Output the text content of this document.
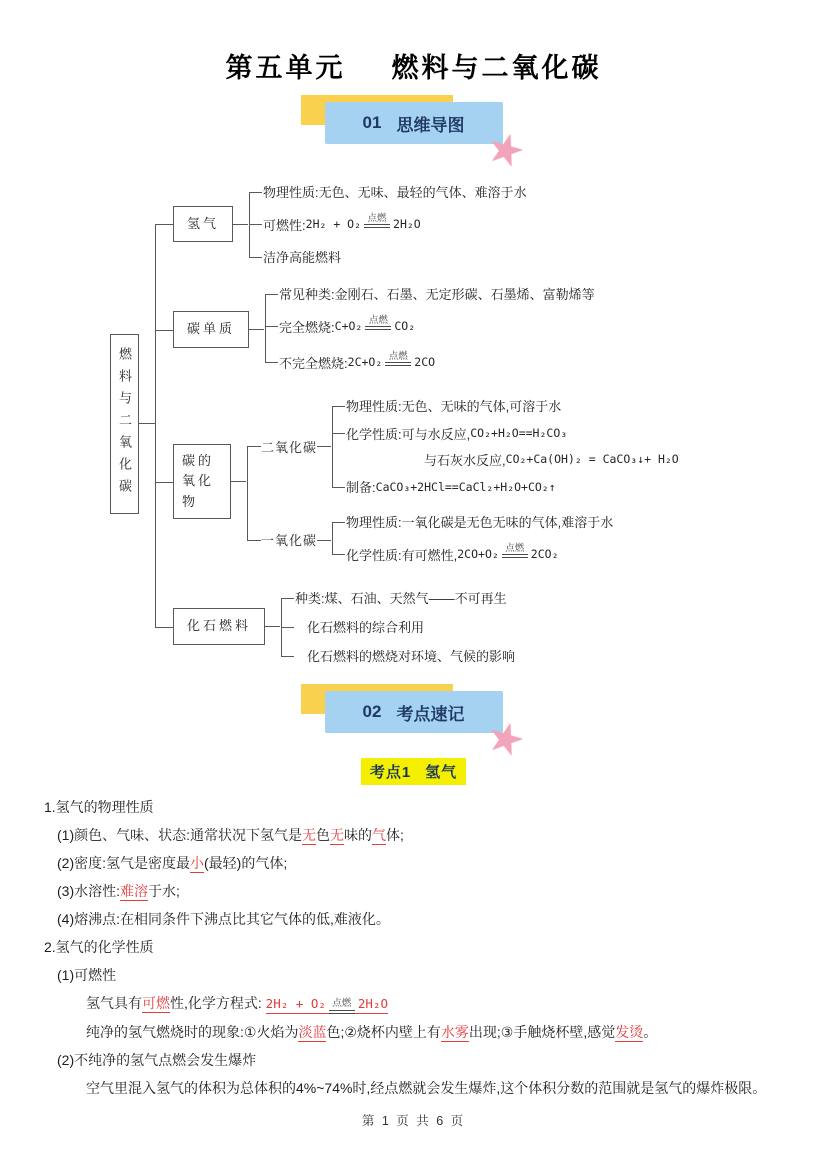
第五单元 燃料与二氧化碳
01 思维导图 ★
燃料与二氧化碳
氢气
物理性质:无色、无味、最轻的气体、难溶于水
可燃性: 2H₂ + O₂ 点燃 2H₂O
洁净高能燃料
碳单质
常见种类:金刚石、石墨、无定形碳、石墨烯、富勒烯等
完全燃烧: C+O₂ 点燃 CO₂
不完全燃烧: 2C+O₂ 点燃 2CO
碳的氧化物
二氧化碳
物理性质:无色、无味的气体,可溶于水
化学性质:可与水反应, CO₂+H₂O==H₂CO₃
与石灰水反应, CO₂+Ca(OH)₂ = CaCO₃↓+ H₂O
制备: CaCO₃+2HCl==CaCl₂+H₂O+CO₂↑
一氧化碳
物理性质:一氧化碳是无色无味的气体,难溶于水
化学性质:有可燃性, 2CO+O₂ 点燃 2CO₂
化石燃料
种类:煤、石油、天然气——不可再生
化石燃料的综合利用
化石燃料的燃烧对环境、气候的影响
02 考点速记 ★
考点1 氢气
1.氢气的物理性质
(1)颜色、气味、状态:通常状况下氢气是无色无味的气体;
(2)密度:氢气是密度最小(最轻)的气体;
(3)水溶性:难溶于水;
(4)熔沸点:在相同条件下沸点比其它气体的低,难液化。
2.氢气的化学性质
(1)可燃性
氢气具有可燃性,化学方程式: 2H₂ + O₂ 点燃 2H₂O
纯净的氢气燃烧时的现象:①火焰为淡蓝色;②烧杯内壁上有水雾出现;③手触烧杯壁,感觉发烫。
(2)不纯净的氢气点燃会发生爆炸
空气里混入氢气的体积为总体积的4%~74%时,经点燃就会发生爆炸,这个体积分数的范围就是氢气的爆炸极限。
第 1 页 共 6 页
